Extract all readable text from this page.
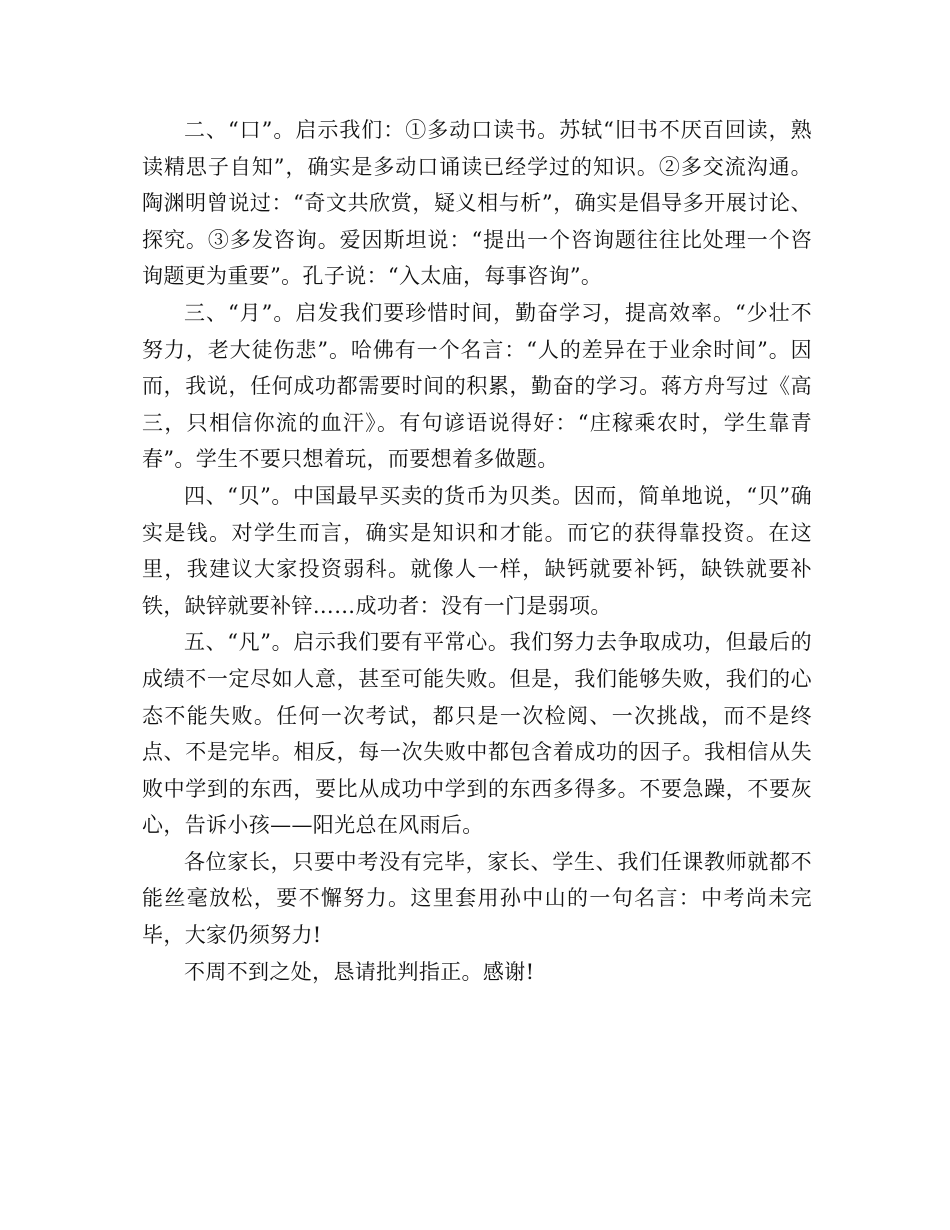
二、“口”。启示我们：①多动口读书。苏轼“旧书不厌百回读，熟读精思子自知”，确实是多动口诵读已经学过的知识。②多交流沟通。陶渊明曾说过：“奇文共欣赏，疑义相与析”，确实是倡导多开展讨论、探究。③多发咨询。爱因斯坦说：“提出一个咨询题往往比处理一个咨询题更为重要”。孔子说：“入太庙，每事咨询”。

三、“月”。启发我们要珍惜时间，勤奋学习，提高效率。“少壮不努力，老大徒伤悲”。哈佛有一个名言：“人的差异在于业余时间”。因而，我说，任何成功都需要时间的积累，勤奋的学习。蒋方舟写过《高三，只相信你流的血汗》。有句谚语说得好：“庄稼乘农时，学生靠青春”。学生不要只想着玩，而要想着多做题。

四、“贝”。中国最早买卖的货币为贝类。因而，简单地说，“贝”确实是钱。对学生而言，确实是知识和才能。而它的获得靠投资。在这里，我建议大家投资弱科。就像人一样，缺钙就要补钙，缺铁就要补铁，缺锌就要补锌……成功者：没有一门是弱项。

五、“凡”。启示我们要有平常心。我们努力去争取成功，但最后的成绩不一定尽如人意，甚至可能失败。但是，我们能够失败，我们的心态不能失败。任何一次考试，都只是一次检阅、一次挑战，而不是终点、不是完毕。相反，每一次失败中都包含着成功的因子。我相信从失败中学到的东西，要比从成功中学到的东西多得多。不要急躁，不要灰心，告诉小孩——阳光总在风雨后。

各位家长，只要中考没有完毕，家长、学生、我们任课教师就都不能丝毫放松，要不懈努力。这里套用孙中山的一句名言：中考尚未完毕，大家仍须努力!

不周不到之处，恳请批判指正。感谢!
